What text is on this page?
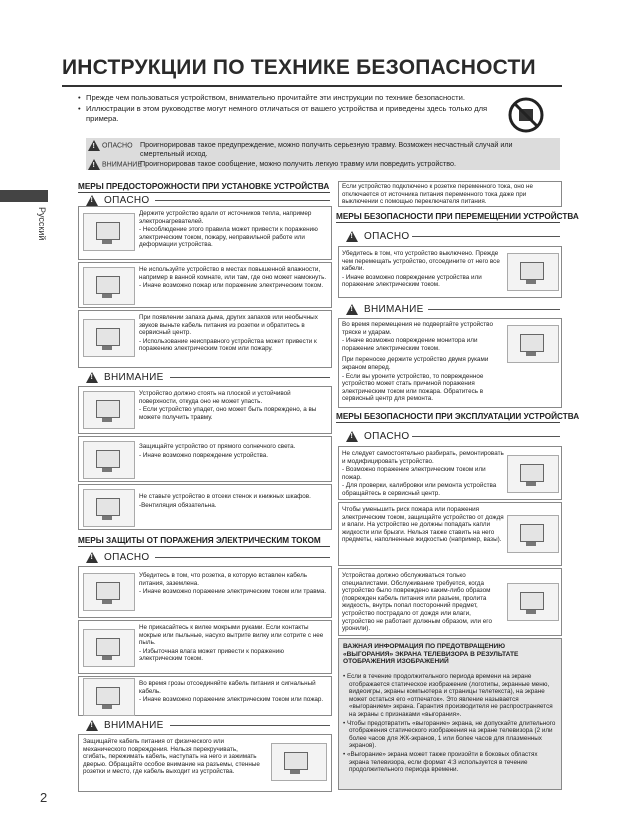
ИНСТРУКЦИИ ПО ТЕХНИКЕ БЕЗОПАСНОСТИ
• Прежде чем пользоваться устройством, внимательно прочитайте эти инструкции по технике безопасности.
• Иллюстрации в этом руководстве могут немного отличаться от вашего устройства и приведены здесь только для примера.
!ОПАСНО	Проигнорировав такое предупреждение, можно получить серьезную травму. Возможен несчастный случай или смертельный исход.
!ВНИМАНИЕ
Проигнорировав такое сообщение, можно получить легкую травму или повредить устройство.
Русский
2
МЕРЫ ПРЕДОСТОРОЖНОСТИ ПРИ УСТАНОВКЕ УСТРОЙСТВА
!
ОПАСНО

Держите устройство вдали от источников тепла, например электронагревателей.

- Несоблюдение этого правила может привести к поражению электрическим током, пожару, неправильной работе или деформации устройства.

Не используйте устройство в местах повышенной влажности, например в ванной комнате, или там, где оно может намокнуть.

- Иначе возможно пожар или поражение электрическим током.

При появлении запаха дыма, других запахов или необычных звуков выньте кабель питания из розетки и обратитесь в сервисный центр.

- Использование неисправного устройства может привести к поражению электрическим током или пожару.

!
ВНИМАНИЕ

Устройство должно стоять на плоской и устойчивой поверхности, откуда оно не может упасть.

- Если устройство упадет, оно может быть повреждено, а вы можете получить травму.

Защищайте устройство от прямого солнечного света.

- Иначе возможно повреждение устройства.

Не ставьте устройство в отсеки стенок и книжных шкафов.

-Вентиляция обязательна.

МЕРЫ ЗАЩИТЫ ОТ ПОРАЖЕНИЯ ЭЛЕКТРИЧЕСКИМ ТОКОМ
!
ОПАСНО

Убедитесь в том, что розетка, в которую вставлен кабель питания, заземлена.

- Иначе возможно поражение электрическим током или травма.

Не прикасайтесь к вилке мокрыми руками. Если контакты мокрые или пыльные, насухо вытрите вилку или сотрите с нее пыль.

- Избыточная влага может привести к поражению электрическим током.

Во время грозы отсоединяйте кабель питания и сигнальный кабель.

- Иначе возможно поражение электрическим током или пожар.

!
ВНИМАНИЕ
Защищайте кабель питания от физического или механического повреждения. Нельзя перекручивать, сгибать, пережимать кабель, наступать на него и зажимать дверью. Обращайте особое внимание на разъемы, стенные розетки и место, где кабель выходит из устройства.
Если устройство подключено к розетке переменного тока, оно не отключается от источника питания переменного тока даже при выключении с помощью переключателя питания.
МЕРЫ БЕЗОПАСНОСТИ ПРИ ПЕРЕМЕЩЕНИИ УСТРОЙСТВА
!
ОПАСНО

Убедитесь в том, что устройство выключено. Прежде чем перемещать устройство, отсоедините от него все кабели.

- Иначе возможно повреждение устройства или поражение электрическим током.

!
ВНИМАНИЕ

Во время перемещения не подвергайте устройство тряске и ударам.

- Иначе возможно повреждение монитора или поражение электрическим током.

При переноске держите устройство двумя руками экраном вперед.

- Если вы уроните устройство, то поврежденное устройство может стать причиной поражения электрическим током или пожара. Обратитесь в сервисный центр для ремонта.

МЕРЫ БЕЗОПАСНОСТИ ПРИ ЭКСПЛУАТАЦИИ УСТРОЙСТВА
!
ОПАСНО

Не следует самостоятельно разбирать, ремонтировать и модифицировать устройство.

- Возможно поражение электрическим током или пожар.

- Для проверки, калибровки или ремонта устройства обращайтесь в сервисный центр.

Чтобы уменьшить риск пожара или поражения электрическим током, защищайте устройство от дождя и влаги. На устройство не должны попадать капли жидкости или брызги. Нельзя также ставить на него предметы, наполненные жидкостью (например, вазы).
Устройства должно обслуживаться только специалистами. Обслуживание требуется, когда устройство было повреждено каким-либо образом (поврежден кабель питания или разъем, пролита жидкость, внутрь попал посторонний предмет, устройство пострадало от дождя или влаги, устройство не работает должным образом, или его уронили).
ВАЖНАЯ ИНФОРМАЦИЯ ПО ПРЕДОТВРАЩЕНИЮ «ВЫГОРАНИЯ» ЭКРАНА ТЕЛЕВИЗОРА В РЕЗУЛЬТАТЕ ОТОБРАЖЕНИЯ ИЗОБРАЖЕНИЙ

• Если в течение продолжительного периода времени на экране отображается статическое изображение (логотипы, экранные меню, видеоигры, экраны компьютера и страницы телетекста), на экране может остаться его «отпечаток». Это явление называется «выгоранием» экрана. Гарантия производителя не распространяется на экраны с признаками «выгорания».

• Чтобы предотвратить «выгорание» экрана, не допускайте длительного отображения статического изображения на экране телевизора (2 или более часов для ЖК-экранов, 1 или более часов для плазменных экранов).

• «Выгорание» экрана может также произойти в боковых областях экрана телевизора, если формат 4:3 используется в течение продолжительного периода времени.
